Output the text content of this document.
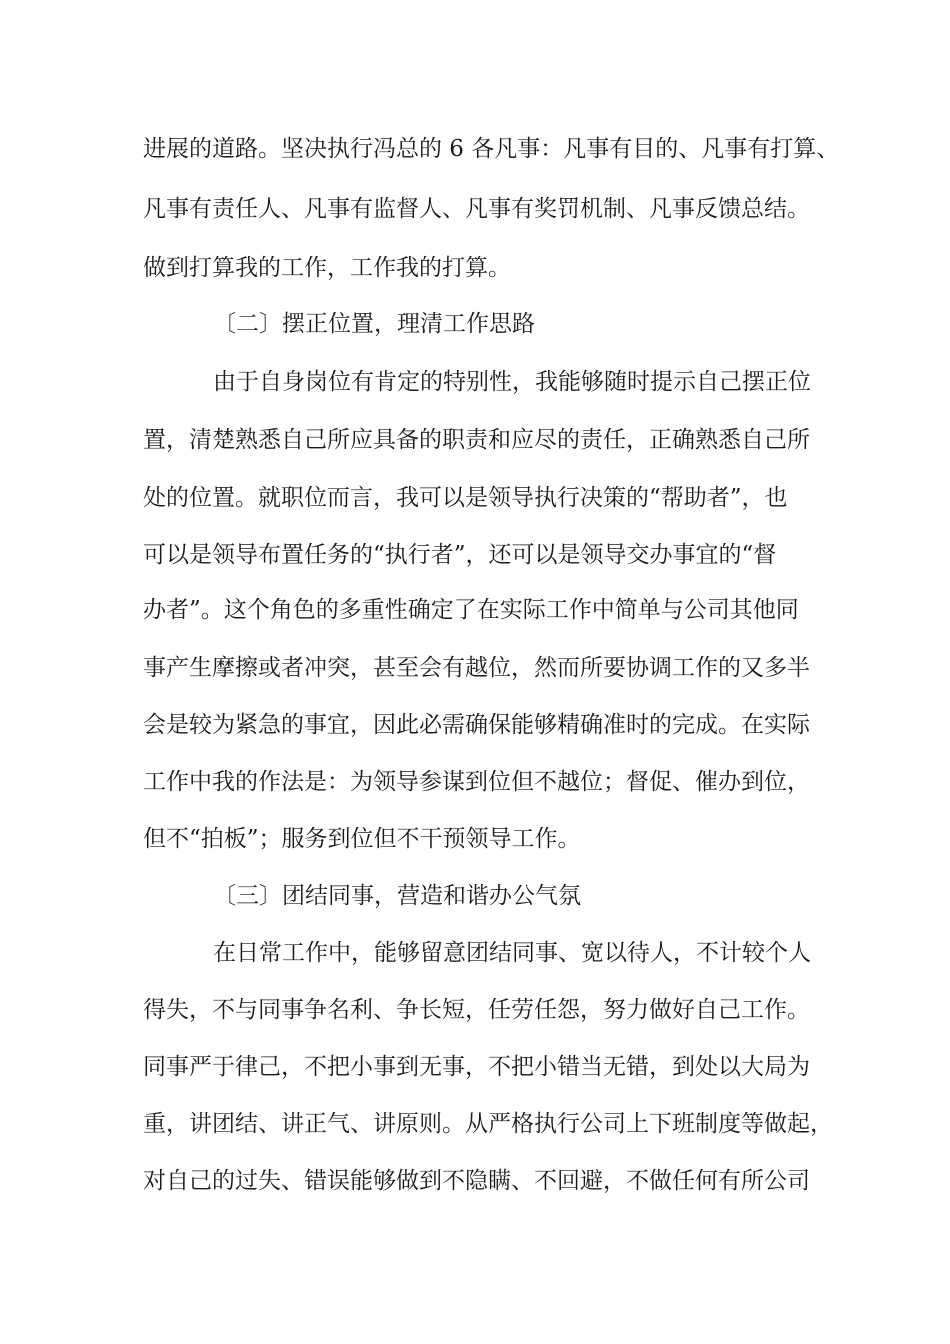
进展的道路。坚决执行冯总的 6 各凡事：凡事有目的、凡事有打算、
凡事有责任人、凡事有监督人、凡事有奖罚机制、凡事反馈总结。
做到打算我的工作，工作我的打算。
〔二〕摆正位置，理清工作思路
由于自身岗位有肯定的特别性，我能够随时提示自己摆正位
置，清楚熟悉自己所应具备的职责和应尽的责任，正确熟悉自己所
处的位置。就职位而言，我可以是领导执行决策的“帮助者”，也
可以是领导布置任务的“执行者”，还可以是领导交办事宜的“督
办者”。这个角色的多重性确定了在实际工作中简单与公司其他同
事产生摩擦或者冲突，甚至会有越位，然而所要协调工作的又多半
会是较为紧急的事宜，因此必需确保能够精确准时的完成。在实际
工作中我的作法是：为领导参谋到位但不越位；督促、催办到位，
但不“拍板”；服务到位但不干预领导工作。
〔三〕团结同事，营造和谐办公气氛
在日常工作中，能够留意团结同事、宽以待人，不计较个人
得失，不与同事争名利、争长短，任劳任怨，努力做好自己工作。
同事严于律己，不把小事到无事，不把小错当无错，到处以大局为
重，讲团结、讲正气、讲原则。从严格执行公司上下班制度等做起，
对自己的过失、错误能够做到不隐瞒、不回避，不做任何有所公司
